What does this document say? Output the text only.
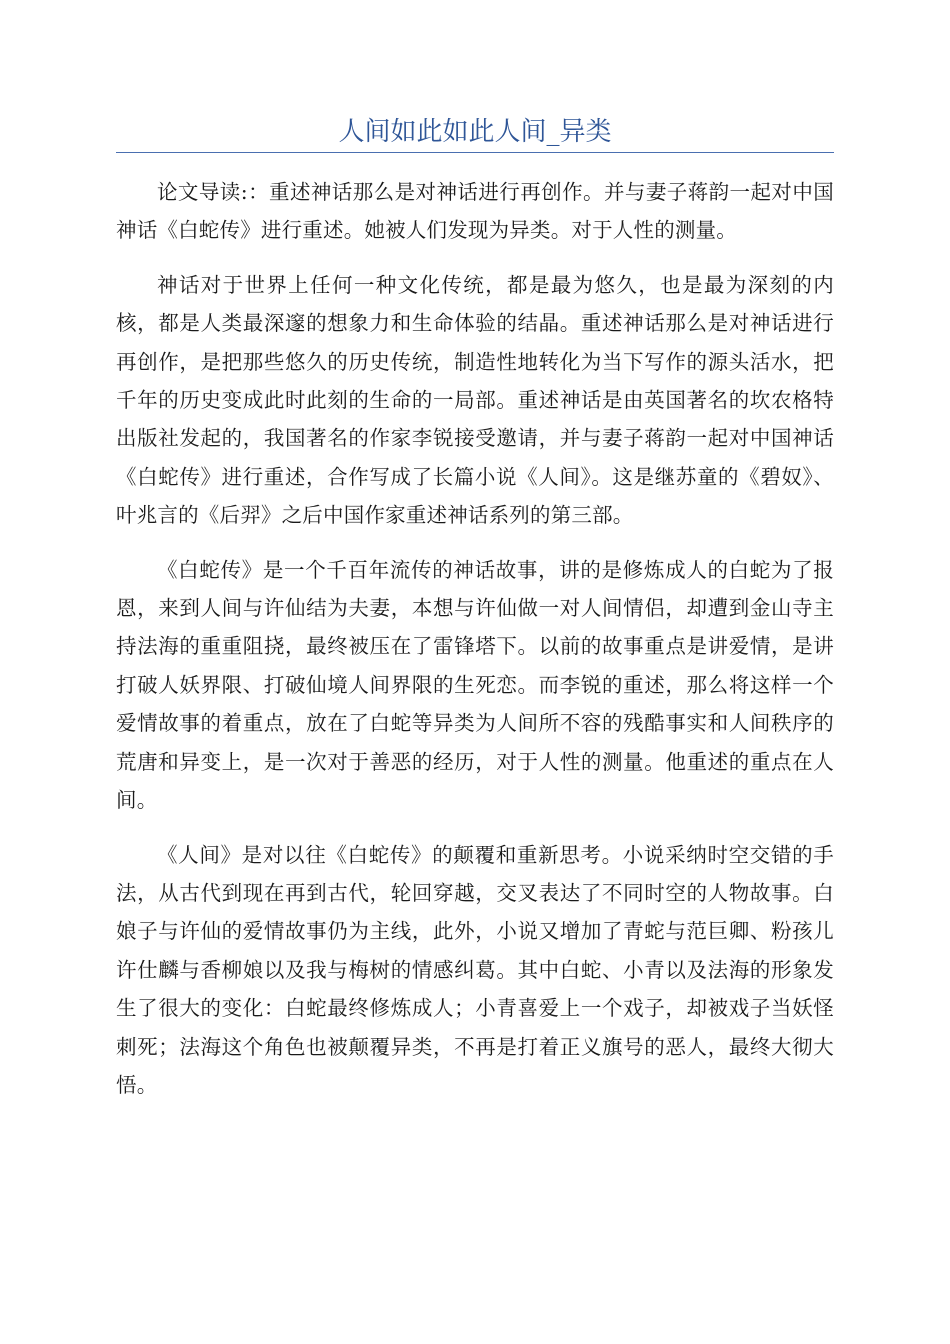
人间如此如此人间_异类

论文导读:：重述神话那么是对神话进行再创作。并与妻子蒋韵一起对中国神话《白蛇传》进行重述。她被人们发现为异类。对于人性的测量。

神话对于世界上任何一种文化传统，都是最为悠久，也是最为深刻的内核，都是人类最深邃的想象力和生命体验的结晶。重述神话那么是对神话进行再创作，是把那些悠久的历史传统，制造性地转化为当下写作的源头活水，把千年的历史变成此时此刻的生命的一局部。重述神话是由英国著名的坎农格特出版社发起的，我国著名的作家李锐接受邀请，并与妻子蒋韵一起对中国神话《白蛇传》进行重述，合作写成了长篇小说《人间》。这是继苏童的《碧奴》、叶兆言的《后羿》之后中国作家重述神话系列的第三部。

《白蛇传》是一个千百年流传的神话故事，讲的是修炼成人的白蛇为了报恩，来到人间与许仙结为夫妻，本想与许仙做一对人间情侣，却遭到金山寺主持法海的重重阻挠，最终被压在了雷锋塔下。以前的故事重点是讲爱情，是讲打破人妖界限、打破仙境人间界限的生死恋。而李锐的重述，那么将这样一个爱情故事的着重点，放在了白蛇等异类为人间所不容的残酷事实和人间秩序的荒唐和异变上，是一次对于善恶的经历，对于人性的测量。他重述的重点在人间。

《人间》是对以往《白蛇传》的颠覆和重新思考。小说采纳时空交错的手法，从古代到现在再到古代，轮回穿越，交叉表达了不同时空的人物故事。白娘子与许仙的爱情故事仍为主线，此外，小说又增加了青蛇与范巨卿、粉孩儿许仕麟与香柳娘以及我与梅树的情感纠葛。其中白蛇、小青以及法海的形象发生了很大的变化：白蛇最终修炼成人；小青喜爱上一个戏子，却被戏子当妖怪刺死；法海这个角色也被颠覆异类，不再是打着正义旗号的恶人，最终大彻大悟。
